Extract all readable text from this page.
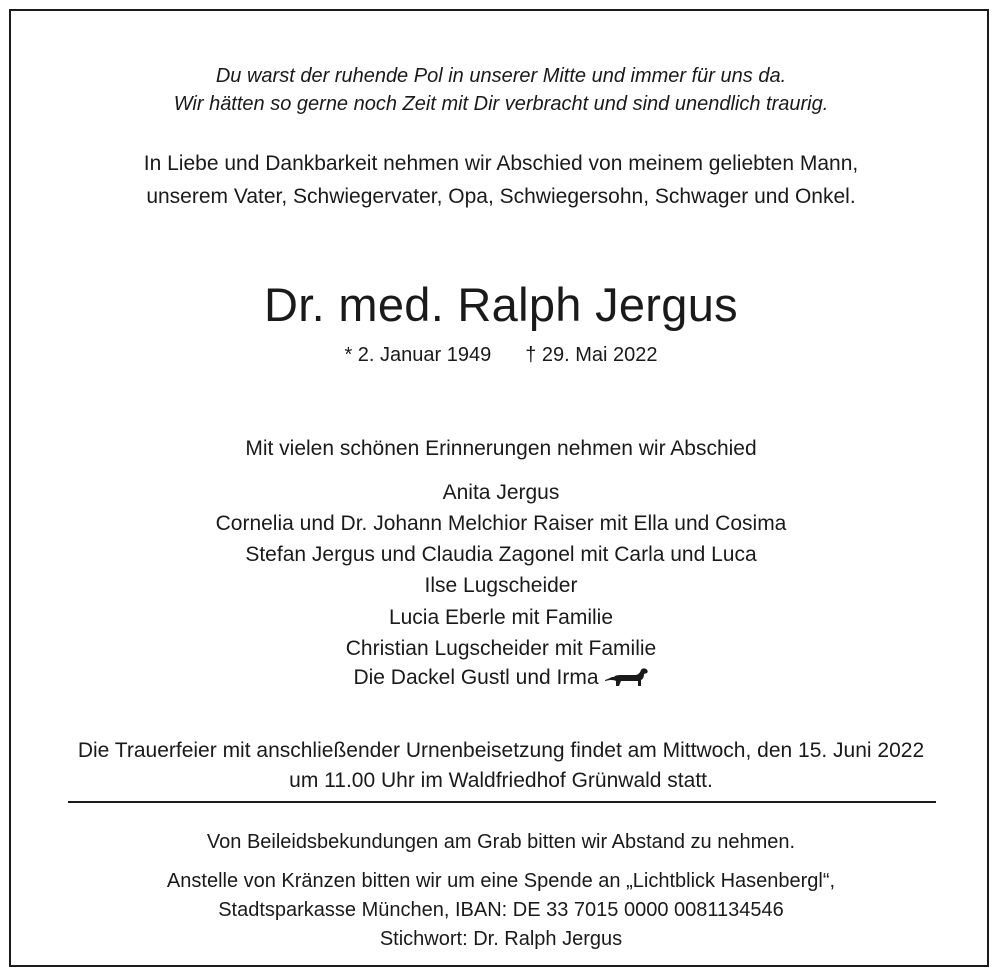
Du warst der ruhende Pol in unserer Mitte und immer für uns da.
Wir hätten so gerne noch Zeit mit Dir verbracht und sind unendlich traurig.
In Liebe und Dankbarkeit nehmen wir Abschied von meinem geliebten Mann,
unserem Vater, Schwiegervater, Opa, Schwiegersohn, Schwager und Onkel.
Dr. med. Ralph Jergus
* 2. Januar 1949 † 29. Mai 2022
Mit vielen schönen Erinnerungen nehmen wir Abschied
Anita Jergus
Cornelia und Dr. Johann Melchior Raiser mit Ella und Cosima
Stefan Jergus und Claudia Zagonel mit Carla und Luca
Ilse Lugscheider
Lucia Eberle mit Familie
Christian Lugscheider mit Familie
Die Dackel Gustl und Irma
Die Trauerfeier mit anschließender Urnenbeisetzung findet am Mittwoch, den 15. Juni 2022
um 11.00 Uhr im Waldfriedhof Grünwald statt.
Von Beileidsbekundungen am Grab bitten wir Abstand zu nehmen.
Anstelle von Kränzen bitten wir um eine Spende an „Lichtblick Hasenbergl“,
Stadtsparkasse München, IBAN: DE 33 7015 0000 0081134546
Stichwort: Dr. Ralph Jergus
